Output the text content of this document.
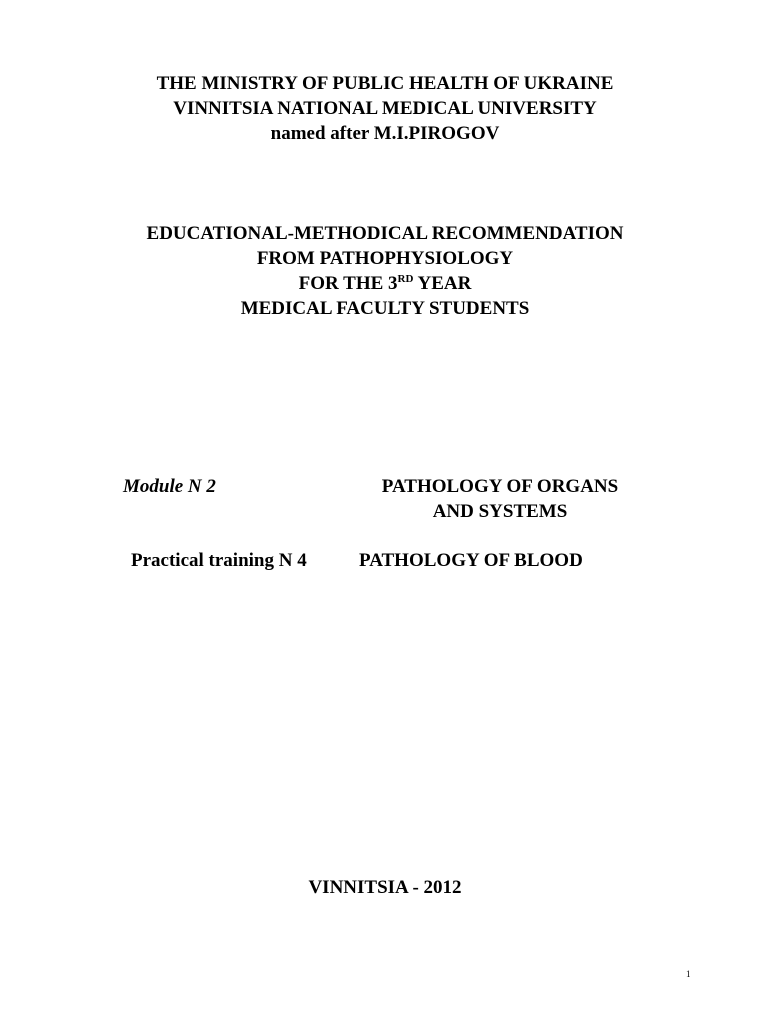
THE MINISTRY OF PUBLIC HEALTH OF UKRAINE
VINNITSIA NATIONAL MEDICAL UNIVERSITY
named after M.I.PIROGOV
EDUCATIONAL-METHODICAL RECOMMENDATION
FROM PATHOPHYSIOLOGY
FOR THE 3RD YEAR
MEDICAL FACULTY STUDENTS
Module N 2	PATHOLOGY OF ORGANS
AND SYSTEMS
Practical training N 4	PATHOLOGY OF BLOOD
VINNITSIA - 2012
1
